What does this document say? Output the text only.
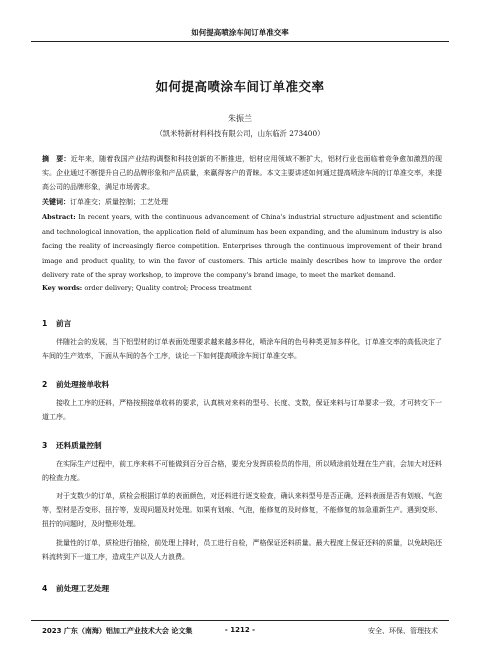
如何提高喷涂车间订单准交率
如何提高喷涂车间订单准交率
朱振兰
（凯米特新材料科技有限公司，山东临沂 273400）
摘　要：近年来，随着我国产业结构调整和科技创新的不断推进，铝材应用领域不断扩大，铝材行业也面临着竞争愈加激烈的现实。企业通过不断提升自己的品牌形象和产品质量，来赢得客户的青睐。本文主要讲述如何通过提高喷涂车间的订单准交率，来提高公司的品牌形象，满足市场需求。
关键词：订单准交；质量控制；工艺处理
Abstract: In recent years, with the continuous advancement of China's industrial structure adjustment and scientific and technological innovation, the application field of aluminum has been expanding, and the aluminum industry is also facing the reality of increasingly fierce competition. Enterprises through the continuous improvement of their brand image and product quality, to win the favor of customers. This article mainly describes how to improve the order delivery rate of the spray workshop, to improve the company's brand image, to meet the market demand.
Key words: order delivery; Quality control; Process treatment
1 前言
伴随社会的发展，当下铝型材的订单表面处理要求越来越多样化，喷涂车间的色号种类更加多样化，订单准交率的高低决定了车间的生产效率，下面从车间的各个工序，谈论一下如何提高喷涂车间订单准交率。
2 前处理接单收料
接收上工序的还料，严格按照接单收料的要求，认真核对来料的型号、长度、支数，保证来料与订单要求一致，才可转交下一道工序。
3 还料质量控制
在实际生产过程中，前工序来料不可能做到百分百合格，要充分发挥质检员的作用，所以喷涂前处理在生产前，会加大对还料的检查力度。
对于支数少的订单，质检会根据订单的表面颜色，对还料进行逐支检查，确认来料型号是否正确，还料表面是否有划痕、气泡等，型材是否变形、扭拧等，发现问题及时处理。如果有划痕、气泡，能修复的及时修复，不能修复的加急重新生产。遇到变形、扭拧的问题时，及时整形处理。
批量性的订单，质检进行抽检，前处理上排时，员工进行自检，严格保证还料质量。最大程度上保证还料的质量，以免缺陷还料流转到下一道工序，造成生产以及人力浪费。
4 前处理工艺处理
2023 广东（南海）铝加工产业技术大会 论文集	- 1212 -	安全、环保、管理技术
